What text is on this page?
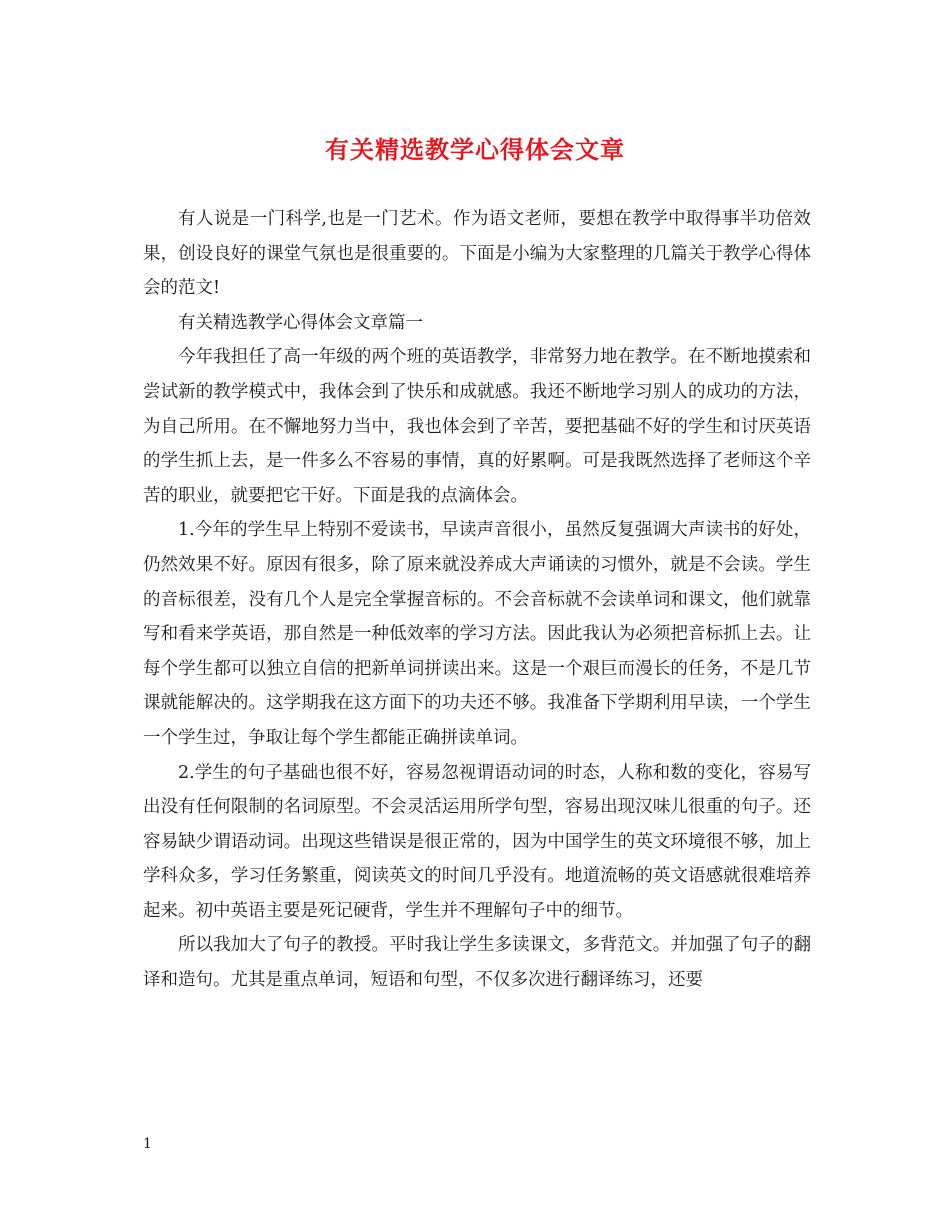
有关精选教学心得体会文章

有人说是一门科学,也是一门艺术。作为语文老师，要想在教学中取得事半功倍效果，创设良好的课堂气氛也是很重要的。下面是小编为大家整理的几篇关于教学心得体会的范文!

有关精选教学心得体会文章篇一

今年我担任了高一年级的两个班的英语教学，非常努力地在教学。在不断地摸索和尝试新的教学模式中，我体会到了快乐和成就感。我还不断地学习别人的成功的方法，为自己所用。在不懈地努力当中，我也体会到了辛苦，要把基础不好的学生和讨厌英语的学生抓上去，是一件多么不容易的事情，真的好累啊。可是我既然选择了老师这个辛苦的职业，就要把它干好。下面是我的点滴体会。

1.今年的学生早上特别不爱读书，早读声音很小，虽然反复强调大声读书的好处，仍然效果不好。原因有很多，除了原来就没养成大声诵读的习惯外，就是不会读。学生的音标很差，没有几个人是完全掌握音标的。不会音标就不会读单词和课文，他们就靠写和看来学英语，那自然是一种低效率的学习方法。因此我认为必须把音标抓上去。让每个学生都可以独立自信的把新单词拼读出来。这是一个艰巨而漫长的任务，不是几节课就能解决的。这学期我在这方面下的功夫还不够。我准备下学期利用早读，一个学生一个学生过，争取让每个学生都能正确拼读单词。

2.学生的句子基础也很不好，容易忽视谓语动词的时态，人称和数的变化，容易写出没有任何限制的名词原型。不会灵活运用所学句型，容易出现汉味儿很重的句子。还容易缺少谓语动词。出现这些错误是很正常的，因为中国学生的英文环境很不够，加上学科众多，学习任务繁重，阅读英文的时间几乎没有。地道流畅的英文语感就很难培养起来。初中英语主要是死记硬背，学生并不理解句子中的细节。

所以我加大了句子的教授。平时我让学生多读课文，多背范文。并加强了句子的翻译和造句。尤其是重点单词，短语和句型，不仅多次进行翻译练习，还要

1
